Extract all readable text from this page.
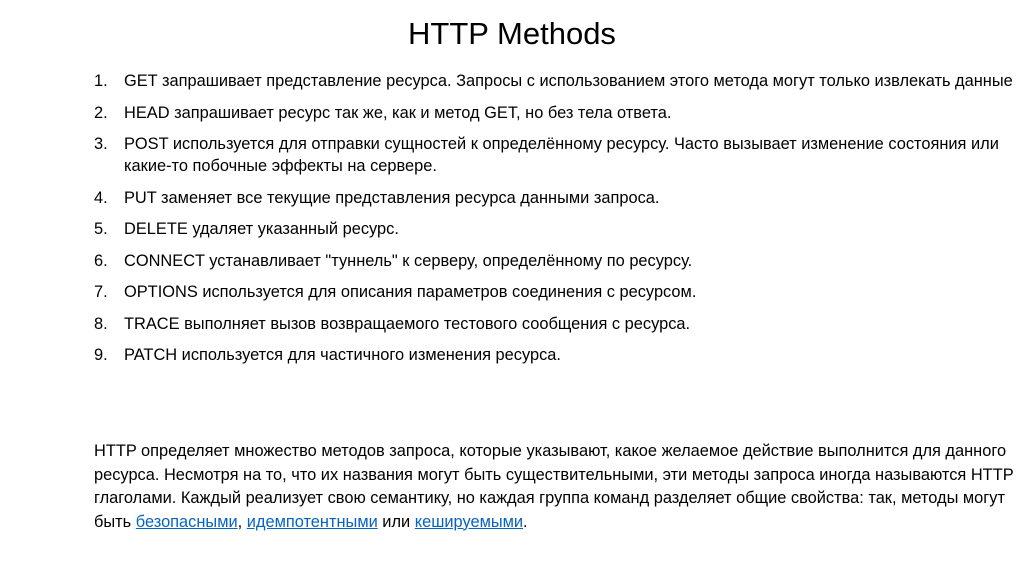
HTTP Methods
1. GET запрашивает представление ресурса. Запросы с использованием этого метода могут только извлекать данные
2. HEAD запрашивает ресурс так же, как и метод GET, но без тела ответа.
3. POST используется для отправки сущностей к определённому ресурсу. Часто вызывает изменение состояния или какие-то побочные эффекты на сервере.
4. PUT заменяет все текущие представления ресурса данными запроса.
5. DELETE удаляет указанный ресурс.
6. CONNECT устанавливает "туннель" к серверу, определённому по ресурсу.
7. OPTIONS используется для описания параметров соединения с ресурсом.
8. TRACE выполняет вызов возвращаемого тестового сообщения с ресурса.
9. PATCH используется для частичного изменения ресурса.

HTTP определяет множество методов запроса, которые указывают, какое желаемое действие выполнится для данного ресурса. Несмотря на то, что их названия могут быть существительными, эти методы запроса иногда называются HTTP глаголами. Каждый реализует свою семантику, но каждая группа команд разделяет общие свойства: так, методы могут быть безопасными, идемпотентными или кешируемыми.
